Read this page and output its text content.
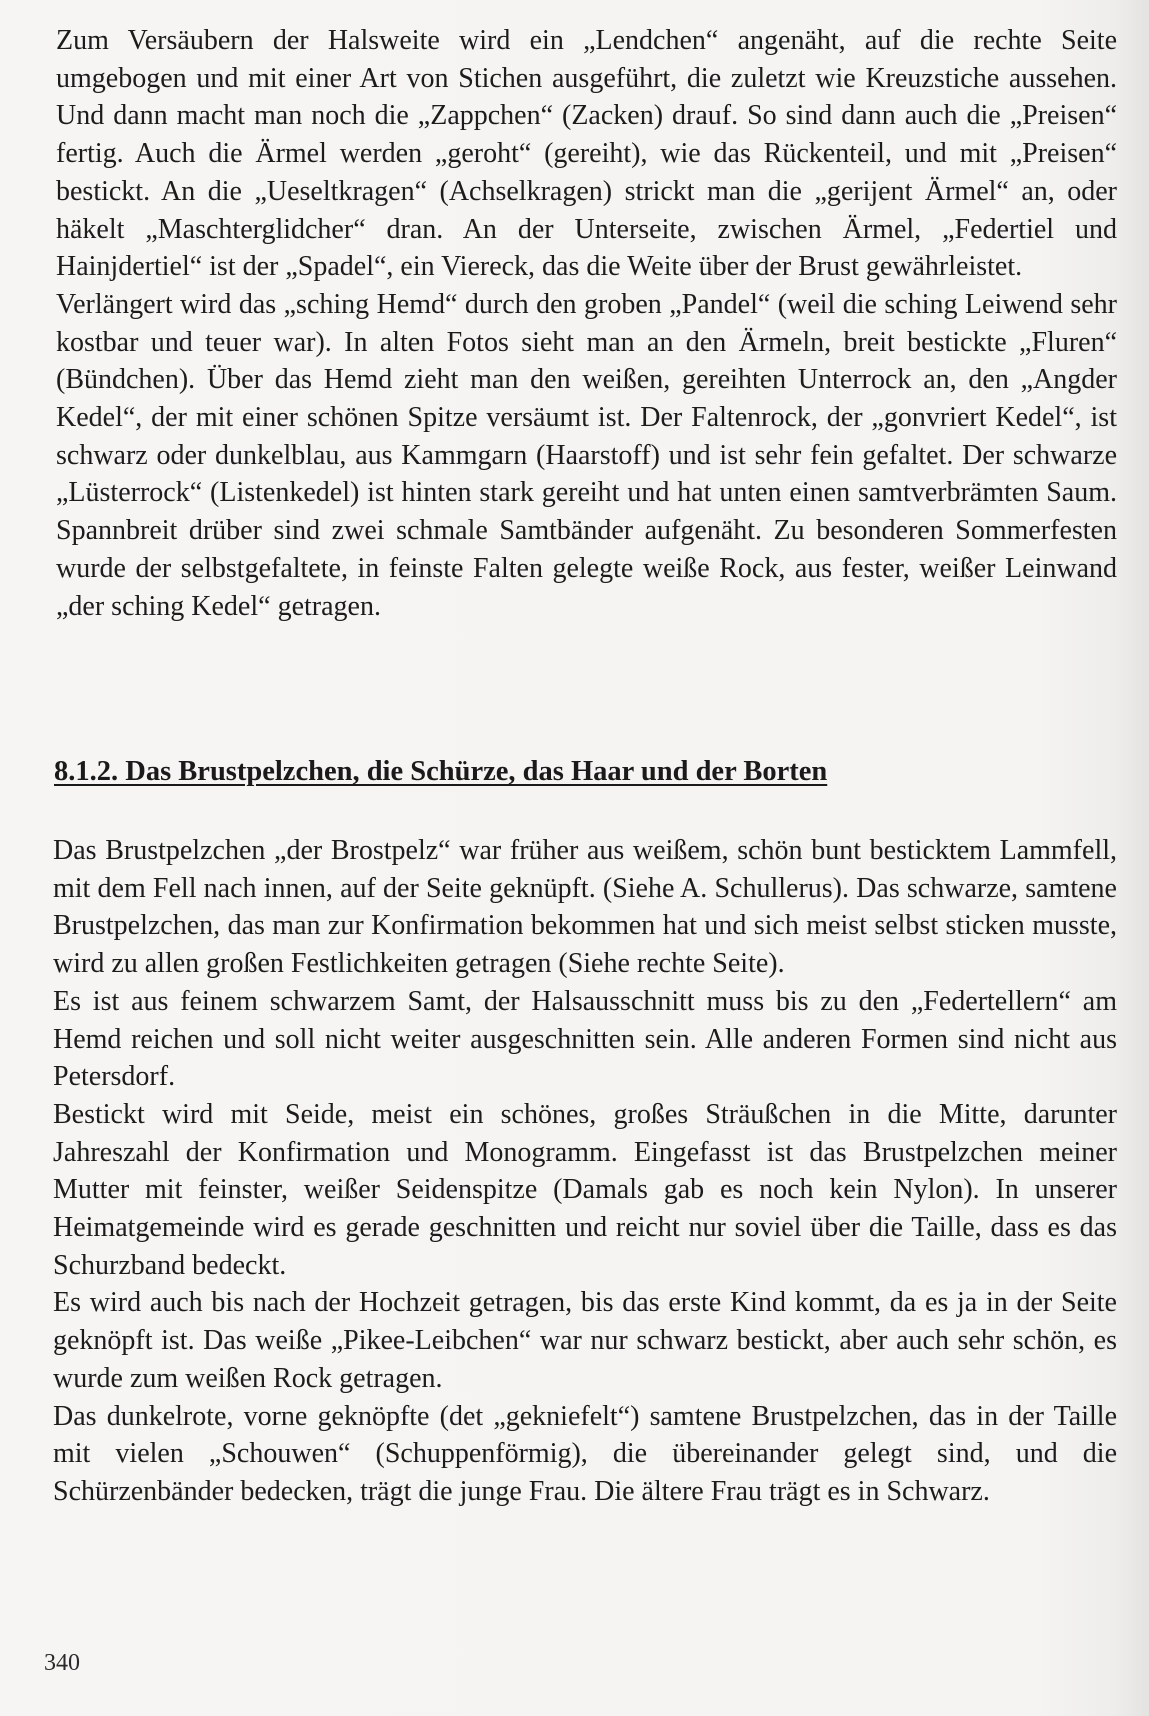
Zum Versäubern der Halsweite wird ein „Lendchen“ angenäht, auf die rechte Seite umgebogen und mit einer Art von Stichen ausgeführt, die zuletzt wie Kreuzstiche aussehen. Und dann macht man noch die „Zappchen“ (Zacken) drauf. So sind dann auch die „Preisen“ fertig. Auch die Ärmel werden „geroht“ (gereiht), wie das Rückenteil, und mit „Preisen“ bestickt. An die „Ueseltkragen“ (Achselkragen) strickt man die „gerijent Ärmel“ an, oder häkelt „Maschterglidcher“ dran. An der Unterseite, zwischen Ärmel, „Federtiel und Hainjdertiel“ ist der „Spadel“, ein Viereck, das die Weite über der Brust gewährleistet.

Verlängert wird das „sching Hemd“ durch den groben „Pandel“ (weil die sching Leiwend sehr kostbar und teuer war). In alten Fotos sieht man an den Ärmeln, breit bestickte „Fluren“ (Bündchen). Über das Hemd zieht man den weißen, gereihten Unterrock an, den „Angder Kedel“, der mit einer schönen Spitze versäumt ist. Der Faltenrock, der „gonvriert Kedel“, ist schwarz oder dunkelblau, aus Kammgarn (Haarstoff) und ist sehr fein gefaltet. Der schwarze „Lüsterrock“ (Listenkedel) ist hinten stark gereiht und hat unten einen samtverbrämten Saum. Spannbreit drüber sind zwei schmale Samtbänder aufgenäht. Zu besonderen Sommerfesten wurde der selbstgefaltete, in feinste Falten gelegte weiße Rock, aus fester, weißer Leinwand „der sching Kedel“ getragen.

8.1.2. Das Brustpelzchen, die Schürze, das Haar und der Borten

Das Brustpelzchen „der Brostpelz“ war früher aus weißem, schön bunt besticktem Lammfell, mit dem Fell nach innen, auf der Seite geknüpft. (Siehe A. Schullerus). Das schwarze, samtene Brustpelzchen, das man zur Konfirmation bekommen hat und sich meist selbst sticken musste, wird zu allen großen Festlichkeiten getragen (Siehe rechte Seite).

Es ist aus feinem schwarzem Samt, der Halsausschnitt muss bis zu den „Federtellern“ am Hemd reichen und soll nicht weiter ausgeschnitten sein. Alle anderen Formen sind nicht aus Petersdorf.

Bestickt wird mit Seide, meist ein schönes, großes Sträußchen in die Mitte, darunter Jahreszahl der Konfirmation und Monogramm. Eingefasst ist das Brustpelzchen meiner Mutter mit feinster, weißer Seidenspitze (Damals gab es noch kein Nylon). In unserer Heimatgemeinde wird es gerade geschnitten und reicht nur soviel über die Taille, dass es das Schurzband bedeckt.

Es wird auch bis nach der Hochzeit getragen, bis das erste Kind kommt, da es ja in der Seite geknöpft ist. Das weiße „Pikee-Leibchen“ war nur schwarz bestickt, aber auch sehr schön, es wurde zum weißen Rock getragen.

Das dunkelrote, vorne geknöpfte (det „gekniefelt“) samtene Brustpelzchen, das in der Taille mit vielen „Schouwen“ (Schuppenförmig), die übereinander gelegt sind, und die Schürzenbänder bedecken, trägt die junge Frau. Die ältere Frau trägt es in Schwarz.

340
